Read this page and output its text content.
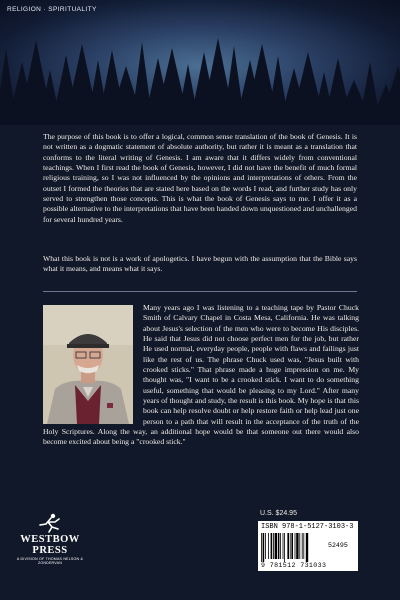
RELIGION · SPIRITUALITY

The purpose of this book is to offer a logical, common sense translation of the book of Genesis. It is not written as a dogmatic statement of absolute authority, but rather it is meant as a translation that conforms to the literal writing of Genesis. I am aware that it differs widely from conventional teachings. When I first read the book of Genesis, however, I did not have the benefit of much formal religious training, so I was not influenced by the opinions and interpretations of others. From the outset I formed the theories that are stated here based on the words I read, and further study has only served to strengthen those concepts. This is what the book of Genesis says to me. I offer it as a possible alternative to the interpretations that have been handed down unquestioned and unchallenged for several hundred years.

What this book is not is a work of apologetics. I have begun with the assumption that the Bible says what it means, and means what it says.

Many years ago I was listening to a teaching tape by Pastor Chuck Smith of Calvary Chapel in Costa Mesa, California. He was talking about Jesus's selection of the men who were to become His disciples. He said that Jesus did not choose perfect men for the job, but rather He used normal, everyday people, people with flaws and failings just like the rest of us. The phrase Chuck used was, "Jesus built with crooked sticks." That phrase made a huge impression on me. My thought was, "I want to be a crooked stick. I want to do something useful, something that would be pleasing to my Lord." After many years of thought and study, the result is this book. My hope is that this book can help resolve doubt or help restore faith or help lead just one person to a path that will result in the acceptance of the truth of the Holy Scriptures. Along the way, an additional hope would be that someone out there would also become excited about being a "crooked stick."

U.S. $24.95
ISBN 978-1-5127-3103-3
52495
9 781512 731033
WESTBOW PRESS
A DIVISION OF THOMAS NELSON & ZONDERVAN
